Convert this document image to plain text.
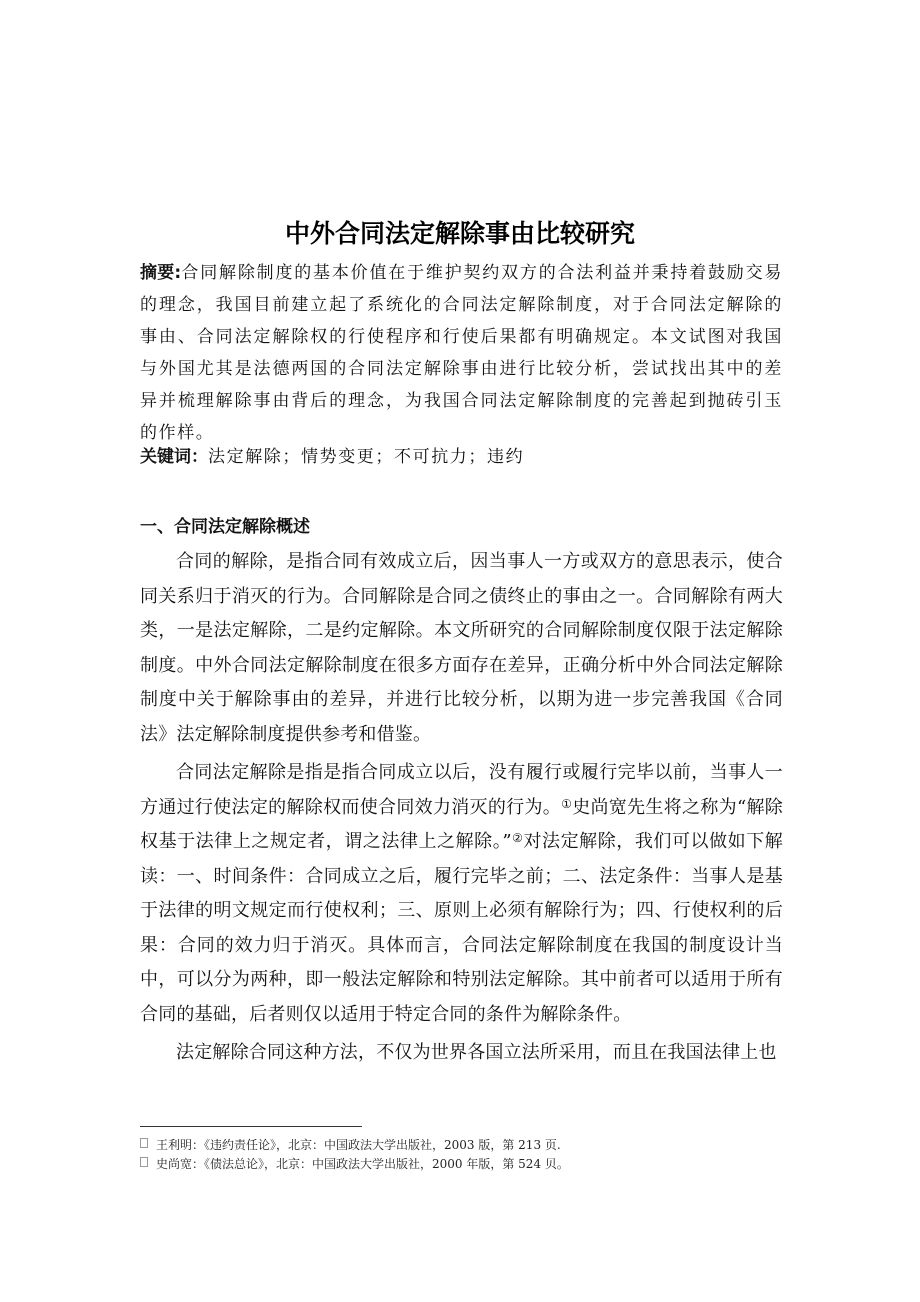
中外合同法定解除事由比较研究
摘要:合同解除制度的基本价值在于维护契约双方的合法利益并秉持着鼓励交易的理念，我国目前建立起了系统化的合同法定解除制度，对于合同法定解除的事由、合同法定解除权的行使程序和行使后果都有明确规定。本文试图对我国与外国尤其是法德两国的合同法定解除事由进行比较分析，尝试找出其中的差异并梳理解除事由背后的理念，为我国合同法定解除制度的完善起到抛砖引玉的作样。
关键词：法定解除；情势变更；不可抗力；违约
一、合同法定解除概述

合同的解除，是指合同有效成立后，因当事人一方或双方的意思表示，使合同关系归于消灭的行为。合同解除是合同之债终止的事由之一。合同解除有两大类，一是法定解除，二是约定解除。本文所研究的合同解除制度仅限于法定解除制度。中外合同法定解除制度在很多方面存在差异，正确分析中外合同法定解除制度中关于解除事由的差异，并进行比较分析，以期为进一步完善我国《合同法》法定解除制度提供参考和借鉴。

合同法定解除是指是指合同成立以后，没有履行或履行完毕以前，当事人一方通过行使法定的解除权而使合同效力消灭的行为。①史尚宽先生将之称为“解除权基于法律上之规定者，谓之法律上之解除。”②对法定解除，我们可以做如下解读：一、时间条件：合同成立之后，履行完毕之前；二、法定条件：当事人是基于法律的明文规定而行使权利；三、原则上必须有解除行为；四、行使权利的后果：合同的效力归于消灭。具体而言，合同法定解除制度在我国的制度设计当中，可以分为两种，即一般法定解除和特别法定解除。其中前者可以适用于所有合同的基础，后者则仅以适用于特定合同的条件为解除条件。

法定解除合同这种方法，不仅为世界各国立法所采用，而且在我国法律上也

王利明：《违约责任论》，北京：中国政法大学出版社，2003 版，第 213 页.
史尚宽：《债法总论》，北京：中国政法大学出版社，2000 年版，第 524 贝。
